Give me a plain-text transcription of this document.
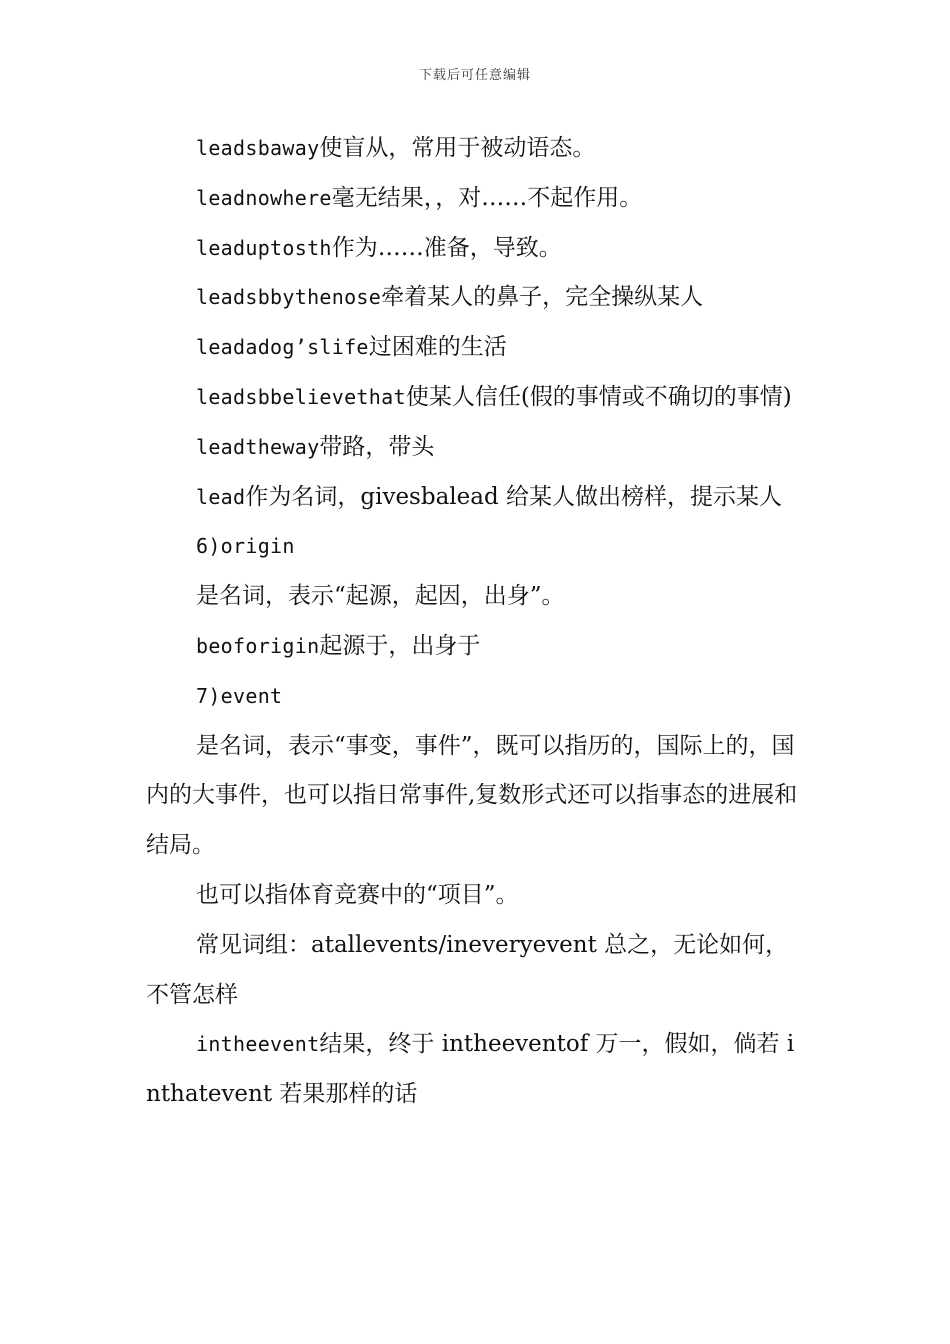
下载后可任意编辑

leadsbaway使盲从，常用于被动语态。

leadnowhere毫无结果，，对……不起作用。

leaduptosth作为……准备，导致。

leadsbbythenose牵着某人的鼻子，完全操纵某人

leadadog’slife过困难的生活

leadsbbelievethat使某人信任(假的事情或不确切的事情)

leadtheway带路，带头

lead作为名词，givesbalead 给某人做出榜样，提示某人

6)origin

是名词，表示“起源，起因，出身”。

beoforigin起源于，出身于

7)event

是名词，表示“事变，事件”，既可以指历的，国际上的，国内的大事件，也可以指日常事件,复数形式还可以指事态的进展和结局。

也可以指体育竞赛中的“项目”。

常见词组：atallevents/ineveryevent 总之，无论如何，不管怎样

intheevent结果，终于 intheeventof 万一，假如，倘若 inthatevent 若果那样的话
